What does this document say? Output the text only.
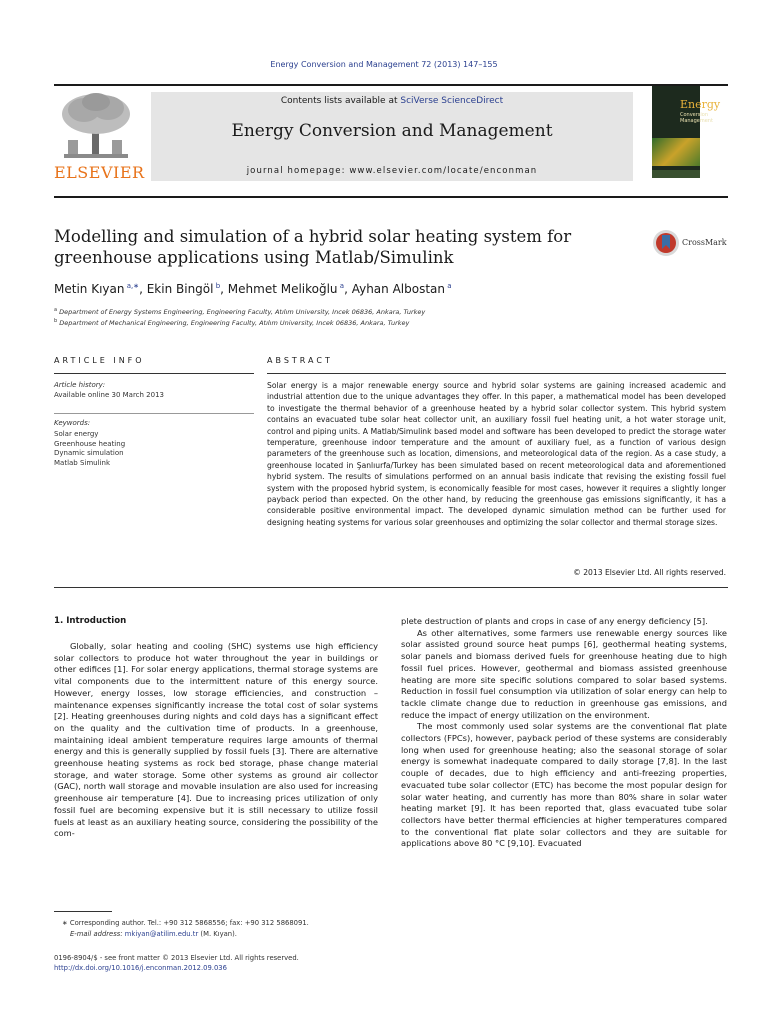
Energy Conversion and Management 72 (2013) 147–155
ELSEVIER
Contents lists available at SciVerse ScienceDirect
Energy Conversion and Management
journal homepage: www.elsevier.com/locate/enconman
Energy
Conversion
Management
Modelling and simulation of a hybrid solar heating system for
greenhouse applications using Matlab/Simulink
CrossMark
Metin Kıyan $^{a,∗}$, Ekin Bingöl $^b$, Mehmet Melikoğlu $^a$, Ayhan Albostan $^a$
$^a$ Department of Energy Systems Engineering, Engineering Faculty, Atılım University, Incek 06836, Ankara, Turkey
$^b$ Department of Mechanical Engineering, Engineering Faculty, Atılım University, Incek 06836, Ankara, Turkey
ARTICLE INFO
Article history:
Available online 30 March 2013
Keywords:
Solar energy
Greenhouse heating
Dynamic simulation
Matlab Simulink
ABSTRACT
Solar energy is a major renewable energy source and hybrid solar systems are gaining increased academic and industrial attention due to the unique advantages they offer. In this paper, a mathematical model has been developed to investigate the thermal behavior of a greenhouse heated by a hybrid solar collector system. This hybrid system contains an evacuated tube solar heat collector unit, an auxiliary fossil fuel heating unit, a hot water storage unit, control and piping units. A Matlab/Simulink based model and software has been developed to predict the storage water temperature, greenhouse indoor temperature and the amount of auxiliary fuel, as a function of various design parameters of the greenhouse such as location, dimensions, and meteorological data of the region. As a case study, a greenhouse located in Şanlıurfa/Turkey has been simulated based on recent meteorological data and aforementioned hybrid system. The results of simulations performed on an annual basis indicate that revising the existing fossil fuel system with the proposed hybrid system, is economically feasible for most cases, however it requires a slightly longer payback period than expected. On the other hand, by reducing the greenhouse gas emissions significantly, it has a considerable positive environmental impact. The developed dynamic simulation method can be further used for designing heating systems for various solar greenhouses and optimizing the solar collector and thermal storage sizes.
© 2013 Elsevier Ltd. All rights reserved.
1. Introduction

Globally, solar heating and cooling (SHC) systems use high efficiency solar collectors to produce hot water throughout the year in buildings or other edifices [1]. For solar energy applications, thermal storage systems are vital components due to the intermittent nature of this energy source. However, energy losses, low storage efficiencies, and construction – maintenance expenses significantly increase the total cost of solar systems [2]. Heating greenhouses during nights and cold days has a significant effect on the quality and the cultivation time of products. In a greenhouse, maintaining ideal ambient temperature requires large amounts of thermal energy and this is generally supplied by fossil fuels [3]. There are alternative greenhouse heating systems as rock bed storage, phase change material storage, and water storage. Some other systems as ground air collector (GAC), north wall storage and movable insulation are also used for increasing greenhouse air temperature [4]. Due to increasing prices utilization of only fossil fuel are becoming expensive but it is still necessary to utilize fossil fuels at least as an auxiliary heating source, considering the possibility of the com-

plete destruction of plants and crops in case of any energy deficiency [5].

As other alternatives, some farmers use renewable energy sources like solar assisted ground source heat pumps [6], geothermal heating systems, solar panels and biomass derived fuels for greenhouse heating due to high fossil fuel prices. However, geothermal and biomass assisted greenhouse heating are more site specific solutions compared to solar based systems. Reduction in fossil fuel consumption via utilization of solar energy can help to tackle climate change due to reduction in greenhouse gas emissions, and reduce the impact of energy utilization on the environment.

The most commonly used solar systems are the conventional flat plate collectors (FPCs), however, payback period of these systems are considerably long when used for greenhouse heating; also the seasonal storage of solar energy is somewhat inadequate compared to daily storage [7,8]. In the last couple of decades, due to high efficiency and anti-freezing properties, evacuated tube solar collector (ETC) has become the most popular design for solar water heating, and currently has more than 80% share in solar water heating market [9]. It has been reported that, glass evacuated tube solar collectors have better thermal efficiencies at higher temperatures compared to the conventional flat plate solar collectors and they are suitable for applications above 80 °C [9,10]. Evacuated

∗ Corresponding author. Tel.: +90 312 5868556; fax: +90 312 5868091.
E-mail address: mkiyan@atilim.edu.tr (M. Kıyan).
0196-8904/$ - see front matter © 2013 Elsevier Ltd. All rights reserved.
http://dx.doi.org/10.1016/j.enconman.2012.09.036
